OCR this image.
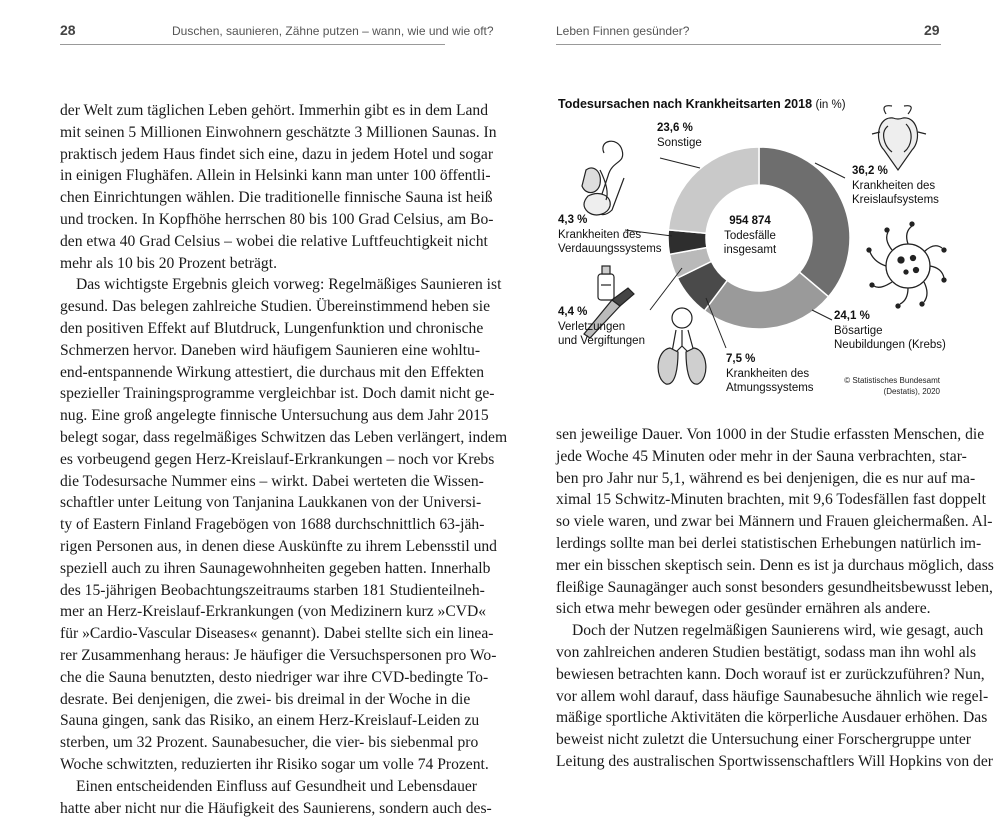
28	Duschen, saunieren, Zähne putzen – wann, wie und wie oft?

der Welt zum täglichen Leben gehört. Immerhin gibt es in dem Land
mit seinen 5 Millionen Einwohnern geschätzte 3 Millionen Saunas. In
praktisch jedem Haus findet sich eine, dazu in jedem Hotel und sogar
in einigen Flughäfen. Allein in Helsinki kann man unter 100 öffentli-
chen Einrichtungen wählen. Die traditionelle finnische Sauna ist heiß
und trocken. In Kopfhöhe herrschen 80 bis 100 Grad Celsius, am Bo-
den etwa 40 Grad Celsius – wobei die relative Luftfeuchtigkeit nicht
mehr als 10 bis 20 Prozent beträgt.

Das wichtigste Ergebnis gleich vorweg: Regelmäßiges Saunieren ist
gesund. Das belegen zahlreiche Studien. Übereinstimmend heben sie
den positiven Effekt auf Blutdruck, Lungenfunktion und chronische
Schmerzen hervor. Daneben wird häufigem Saunieren eine wohltu-
end-entspannende Wirkung attestiert, die durchaus mit den Effekten
spezieller Trainingsprogramme vergleichbar ist. Doch damit nicht ge-
nug. Eine groß angelegte finnische Untersuchung aus dem Jahr 2015
belegt sogar, dass regelmäßiges Schwitzen das Leben verlängert, indem
es vorbeugend gegen Herz-Kreislauf-Erkrankungen – noch vor Krebs
die Todesursache Nummer eins – wirkt. Dabei werteten die Wissen-
schaftler unter Leitung von Tanjanina Laukkanen von der Universi-
ty of Eastern Finland Fragebögen von 1688 durchschnittlich 63-jäh-
rigen Personen aus, in denen diese Auskünfte zu ihrem Lebensstil und
speziell auch zu ihren Saunagewohnheiten gegeben hatten. Innerhalb
des 15-jährigen Beobachtungszeitraums starben 181 Studienteilneh-
mer an Herz-Kreislauf-Erkrankungen (von Medizinern kurz »CVD«
für »Cardio-Vascular Diseases« genannt). Dabei stellte sich ein linea-
rer Zusammenhang heraus: Je häufiger die Versuchspersonen pro Wo-
che die Sauna benutzten, desto niedriger war ihre CVD-bedingte To-
desrate. Bei denjenigen, die zwei- bis dreimal in der Woche in die
Sauna gingen, sank das Risiko, an einem Herz-Kreislauf-Leiden zu
sterben, um 32 Prozent. Saunabesucher, die vier- bis siebenmal pro
Woche schwitzten, reduzierten ihr Risiko sogar um volle 74 Prozent.

Einen entscheidenden Einfluss auf Gesundheit und Lebensdauer
hatte aber nicht nur die Häufigkeit des Saunierens, sondern auch des-

Leben Finnen gesünder?	29
Todesursachen nach Krankheitsarten 2018 (in %)
954 874
Todesfälle
insgesamt
36,2 %
Krankheiten des
Kreislaufsystems
24,1 %
Bösartige
Neubildungen (Krebs)
7,5 %
Krankheiten des
Atmungssystems
4,4 %
Verletzungen
und Vergiftungen
4,3 %
Krankheiten des
Verdauungssystems
23,6 %
Sonstige
© Statistisches Bundesamt
(Destatis), 2020

sen jeweilige Dauer. Von 1000 in der Studie erfassten Menschen, die
jede Woche 45 Minuten oder mehr in der Sauna verbrachten, star-
ben pro Jahr nur 5,1, während es bei denjenigen, die es nur auf ma-
ximal 15 Schwitz-Minuten brachten, mit 9,6 Todesfällen fast doppelt
so viele waren, und zwar bei Männern und Frauen gleichermaßen. Al-
lerdings sollte man bei derlei statistischen Erhebungen natürlich im-
mer ein bisschen skeptisch sein. Denn es ist ja durchaus möglich, dass
fleißige Saunagänger auch sonst besonders gesundheitsbewusst leben,
sich etwa mehr bewegen oder gesünder ernähren als andere.

Doch der Nutzen regelmäßigen Saunierens wird, wie gesagt, auch
von zahlreichen anderen Studien bestätigt, sodass man ihn wohl als
bewiesen betrachten kann. Doch worauf ist er zurückzuführen? Nun,
vor allem wohl darauf, dass häufige Saunabesuche ähnlich wie regel-
mäßige sportliche Aktivitäten die körperliche Ausdauer erhöhen. Das
beweist nicht zuletzt die Untersuchung einer Forschergruppe unter
Leitung des australischen Sportwissenschaftlers Will Hopkins von der
